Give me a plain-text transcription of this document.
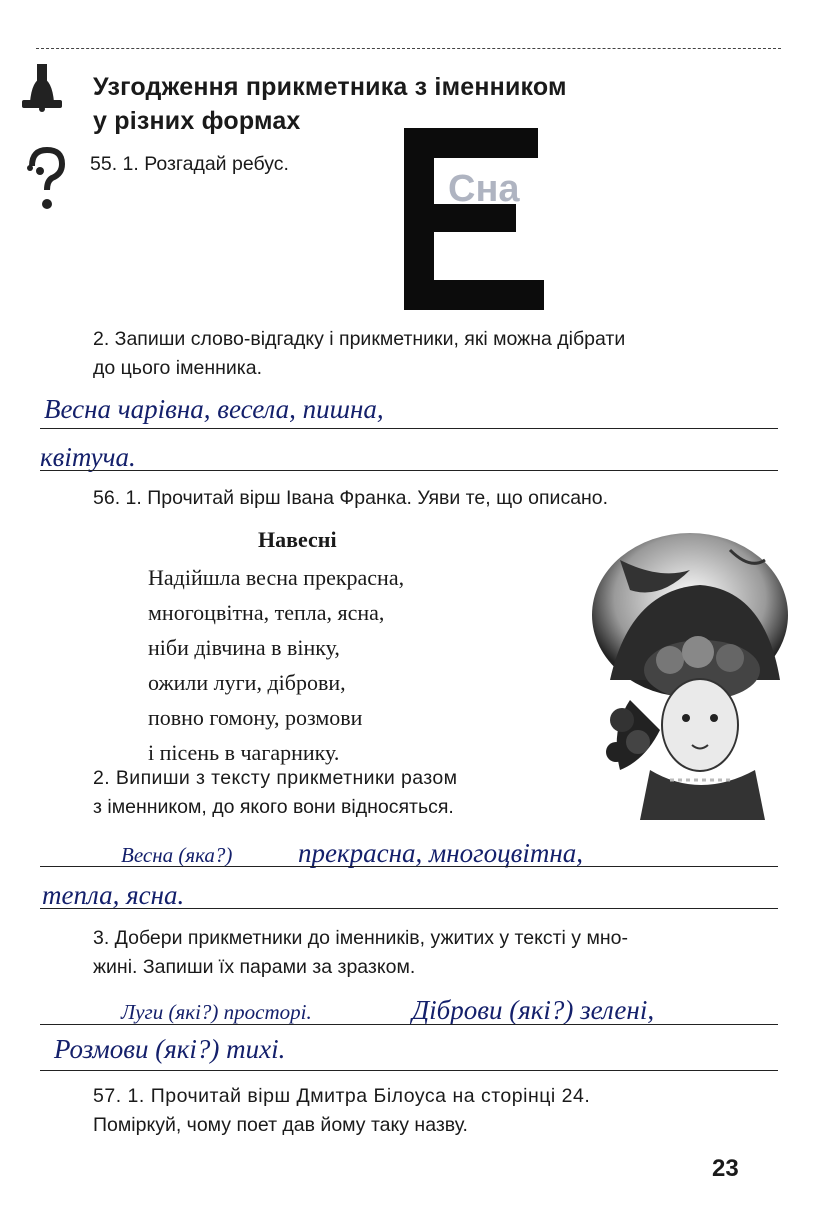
Узгодження прикметника з іменником
у різних формах
55. 1. Розгадай ребус.
Сна
2. Запиши слово-відгадку і прикметники, які можна дібрати
до цього іменника.
Весна чарівна, весела, пишна,
квітуча.
56. 1. Прочитай вірш Івана Франка. Уяви те, що описано.
Навесні
Надійшла весна прекрасна,
многоцвітна, тепла, ясна,
ніби дівчина в вінку,
ожили луги, діброви,
повно гомону, розмови
і пісень в чагарнику.
2. Випиши з тексту прикметники разом
з іменником, до якого вони відносяться.
Весна (яка?) прекрасна, многоцвітна,
тепла, ясна.
3. Добери прикметники до іменників, ужитих у тексті у мно-
жині. Запиши їх парами за зразком.
Луги (які?) просторі.	Діброви (які?) зелені,
Розмови (які?) тихі.
57. 1. Прочитай вірш Дмитра Білоуса на сторінці 24.
Поміркуй, чому поет дав йому таку назву.
23
